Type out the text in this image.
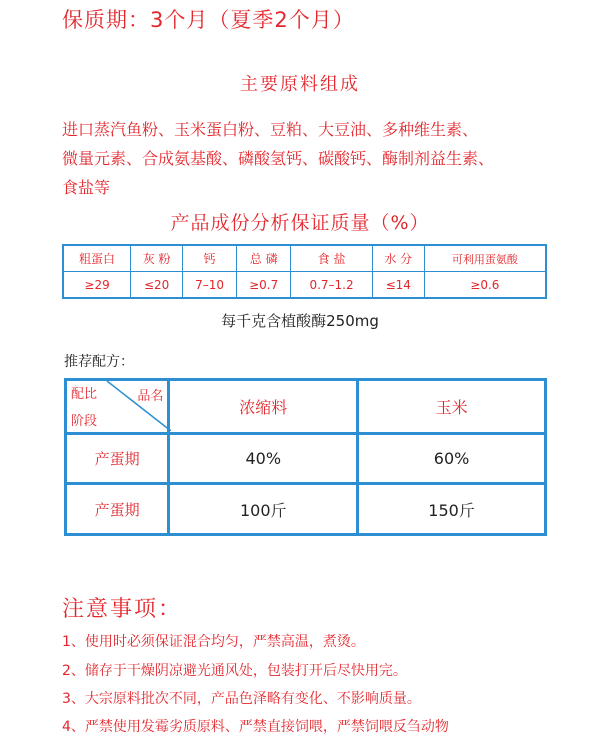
保质期：3个月（夏季2个月）
主要原料组成
进口蒸汽鱼粉、玉米蛋白粉、豆粕、大豆油、多种维生素、
微量元素、合成氨基酸、磷酸氢钙、碳酸钙、酶制剂益生素、
食盐等
产品成份分析保证质量（%）
粗蛋白	灰 粉	钙	总 磷	食 盐	水 分	可利用蛋氨酸
≥29	≤20	7–10	≥0.7	0.7–1.2	≤14	≥0.6
每千克含植酸酶250mg
推荐配方：
配比 品名
阶段	浓缩料	玉米
产蛋期	40%	60%
产蛋期	100斤	150斤
注意事项：
1、使用时必须保证混合均匀，严禁高温，煮烫。
2、储存于干燥阴凉避光通风处，包装打开后尽快用完。
3、大宗原料批次不同，产品色泽略有变化、不影响质量。
4、严禁使用发霉劣质原料、严禁直接饲喂，严禁饲喂反刍动物
